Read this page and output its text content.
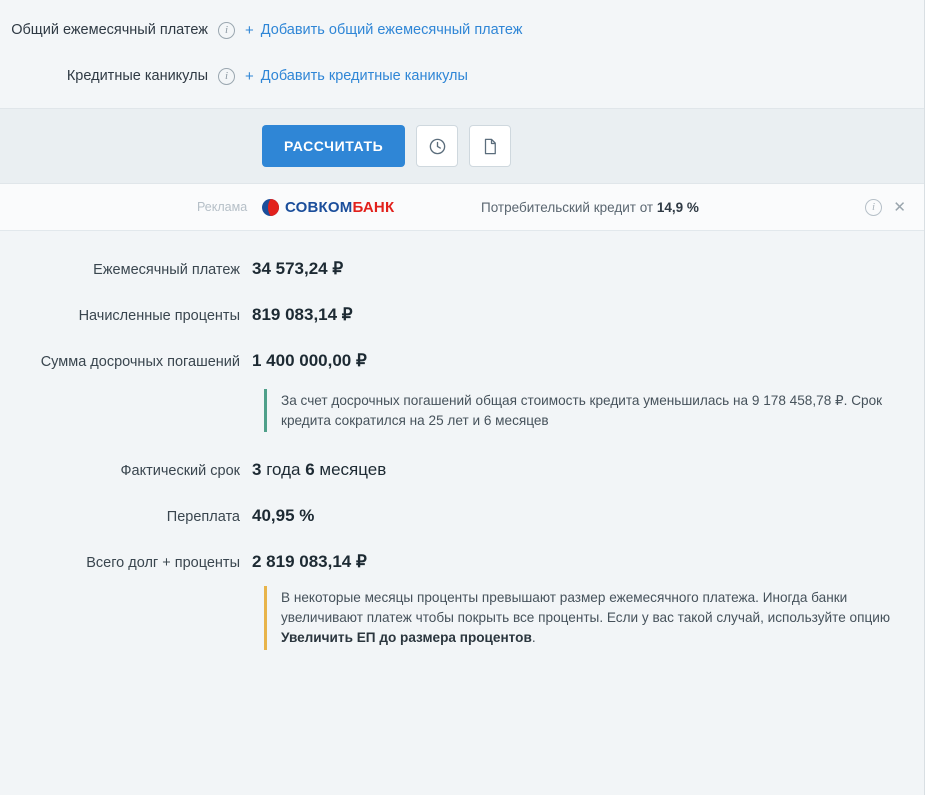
Общий ежемесячный платеж	i	+ Добавить общий ежемесячный платеж
Кредитные каникулы	i	+ Добавить кредитные каникулы
РАССЧИТАТЬ
Реклама	СОВКОМ БАНК	Потребительский кредит от 14,9 %	i	✕
Ежемесячный платеж 34 573,24 ₽
Начисленные проценты 819 083,14 ₽
Сумма досрочных погашений 1 400 000,00 ₽

За счет досрочных погашений общая стоимость кредита уменьшилась на 9 178 458,78 ₽. Срок кредита сократился на 25 лет и 6 месяцев

Фактический срок 3 года 6 месяцев
Переплата 40,95 %
Всего долг + проценты 2 819 083,14 ₽

В некоторые месяцы проценты превышают размер ежемесячного платежа. Иногда банки увеличивают платеж чтобы покрыть все проценты. Если у вас такой случай, используйте опцию Увеличить ЕП до размера процентов.
